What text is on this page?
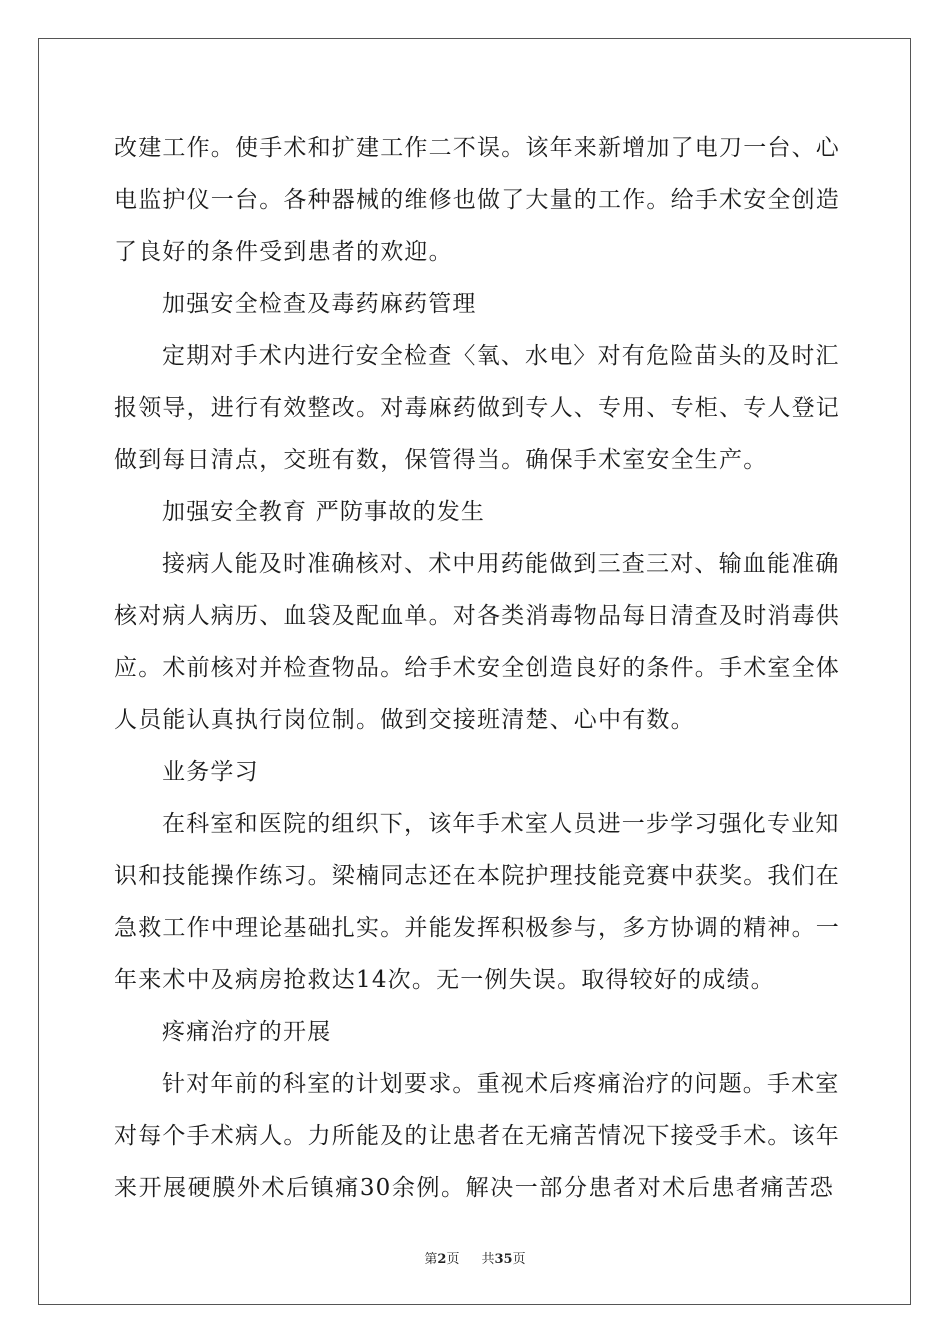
改建工作。使手术和扩建工作二不误。该年来新增加了电刀一台、心
电监护仪一台。各种器械的维修也做了大量的工作。给手术安全创造
了良好的条件受到患者的欢迎。
加强安全检查及毒药麻药管理
定期对手术内进行安全检查〈氧、水电〉对有危险苗头的及时汇
报领导，进行有效整改。对毒麻药做到专人、专用、专柜、专人登记
做到每日清点，交班有数，保管得当。确保手术室安全生产。
加强安全教育 严防事故的发生
接病人能及时准确核对、术中用药能做到三查三对、输血能准确
核对病人病历、血袋及配血单。对各类消毒物品每日清查及时消毒供
应。术前核对并检查物品。给手术安全创造良好的条件。手术室全体
人员能认真执行岗位制。做到交接班清楚、心中有数。
业务学习
在科室和医院的组织下，该年手术室人员进一步学习强化专业知
识和技能操作练习。梁楠同志还在本院护理技能竞赛中获奖。我们在
急救工作中理论基础扎实。并能发挥积极参与，多方协调的精神。一
年来术中及病房抢救达14次。无一例失误。取得较好的成绩。
疼痛治疗的开展
针对年前的科室的计划要求。重视术后疼痛治疗的问题。手术室
对每个手术病人。力所能及的让患者在无痛苦情况下接受手术。该年
来开展硬膜外术后镇痛30余例。解决一部分患者对术后患者痛苦恐
第2页 共35页
